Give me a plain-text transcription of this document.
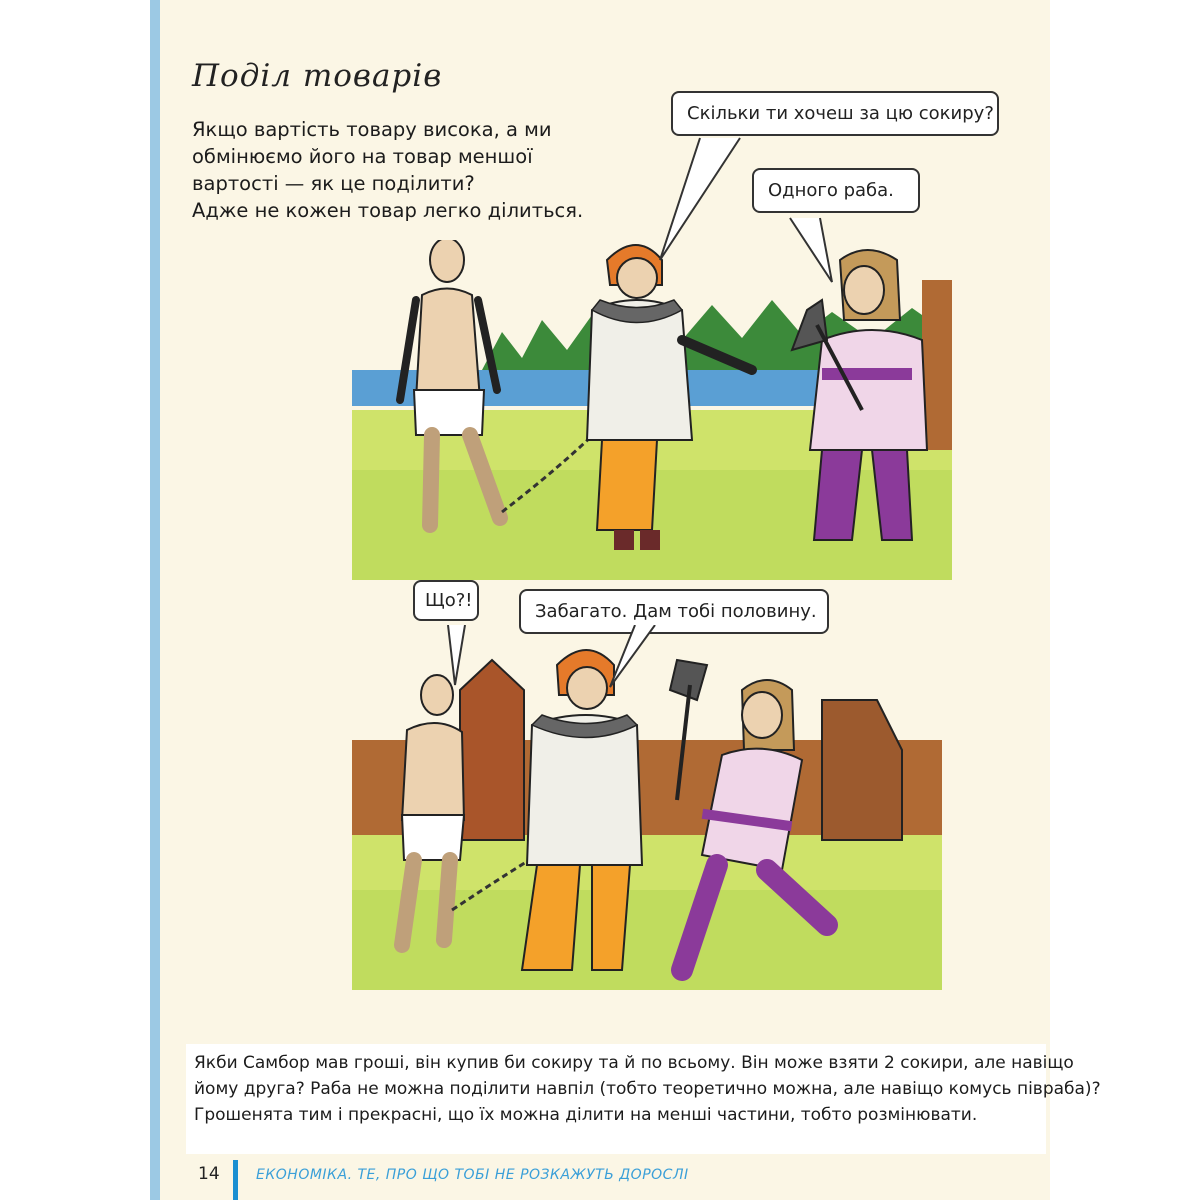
Поділ товарів
Якщо вартість товару висока, а ми
обмінюємо його на товар меншої
вартості — як це поділити?
Адже не кожен товар легко ділиться.
Скільки ти хочеш за цю сокиру?
Одного раба.
Що?!
Забагато. Дам тобі половину.
Якби Самбор мав гроші, він купив би сокиру та й по всьому. Він може взяти 2 сокири, але навіщо
йому друга? Раба не можна поділити навпіл (тобто теоретично можна, але навіщо комусь півраба)?
Грошенята тим і прекрасні, що їх можна ділити на менші частини, тобто розмінювати.
14	ЕКОНОМІКА. ТЕ, ПРО ЩО ТОБІ НЕ РОЗКАЖУТЬ ДОРОСЛІ
